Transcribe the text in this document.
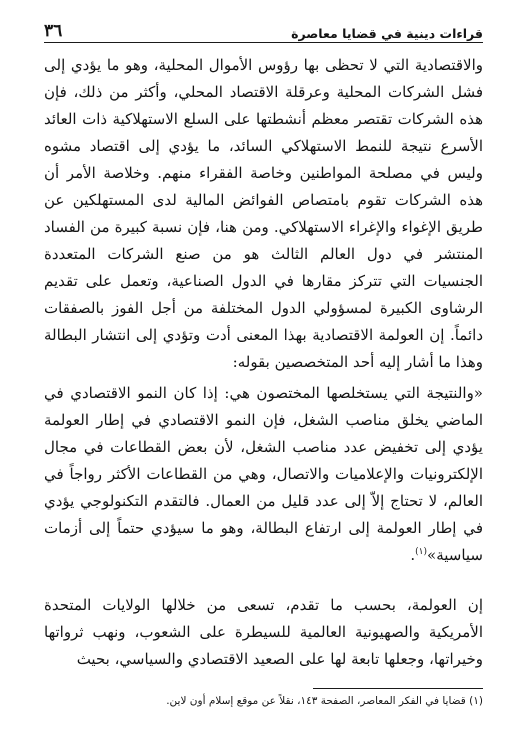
قراءات دينية في قضايا معاصرة
٣٦

والاقتصادية التي لا تحظى بها رؤوس الأموال المحلية، وهو ما يؤدي إلى فشل الشركات المحلية وعرقلة الاقتصاد المحلي، وأكثر من ذلك، فإن هذه الشركات تقتصر معظم أنشطتها على السلع الاستهلاكية ذات العائد الأسرع نتيجة للنمط الاستهلاكي السائد، ما يؤدي إلى اقتصاد مشوه وليس في مصلحة المواطنين وخاصة الفقراء منهم. وخلاصة الأمر أن هذه الشركات تقوم بامتصاص الفوائض المالية لدى المستهلكين عن طريق الإغواء والإغراء الاستهلاكي. ومن هنا، فإن نسبة كبيرة من الفساد المنتشر في دول العالم الثالث هو من صنع الشركات المتعددة الجنسيات التي تتركز مقارها في الدول الصناعية، وتعمل على تقديم الرشاوى الكبيرة لمسؤولي الدول المختلفة من أجل الفوز بالصفقات دائماً. إن العولمة الاقتصادية بهذا المعنى أدت وتؤدي إلى انتشار البطالة وهذا ما أشار إليه أحد المتخصصين بقوله:

«والنتيجة التي يستخلصها المختصون هي: إذا كان النمو الاقتصادي في الماضي يخلق مناصب الشغل، فإن النمو الاقتصادي في إطار العولمة يؤدي إلى تخفيض عدد مناصب الشغل، لأن بعض القطاعات في مجال الإلكترونيات والإعلاميات والاتصال، وهي من القطاعات الأكثر رواجاً في العالم، لا تحتاج إلاّ إلى عدد قليل من العمال. فالتقدم التكنولوجي يؤدي في إطار العولمة إلى ارتفاع البطالة، وهو ما سيؤدي حتماً إلى أزمات سياسية»$^{(١)}$.

إن العولمة، بحسب ما تقدم، تسعى من خلالها الولايات المتحدة الأمريكية والصهيونية العالمية للسيطرة على الشعوب، ونهب ثرواتها وخيراتها، وجعلها تابعة لها على الصعيد الاقتصادي والسياسي، بحيث

(١) قضايا في الفكر المعاصر، الصفحة ١٤٣، نقلاً عن موقع إسلام أون لاين.
